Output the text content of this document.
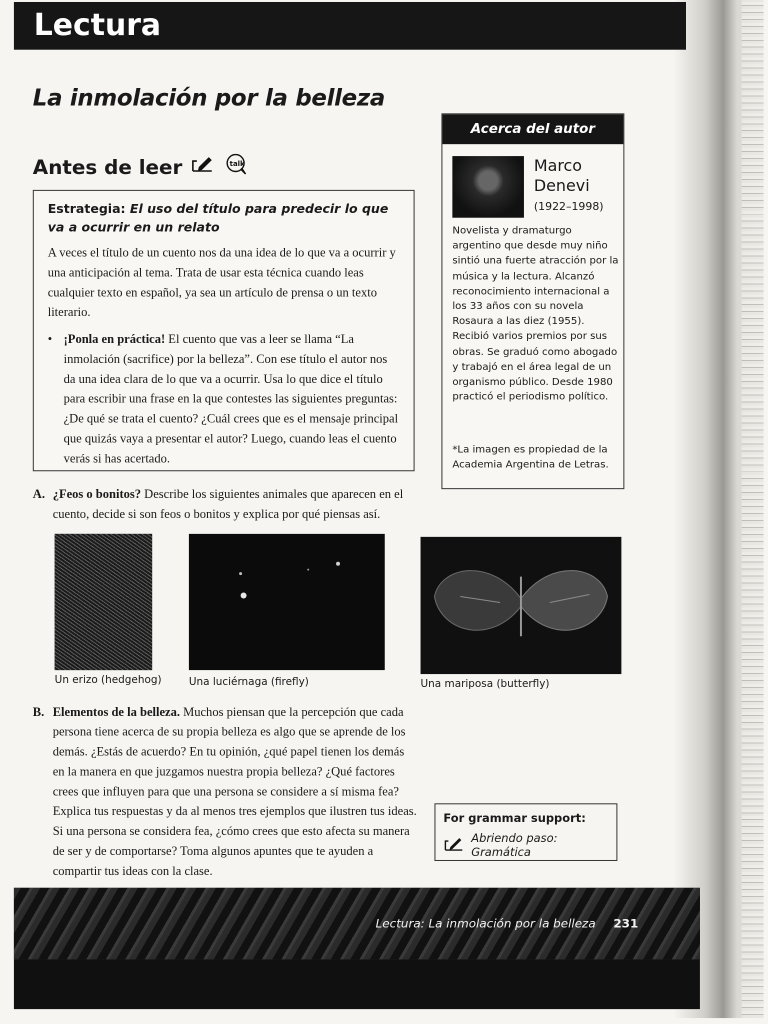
Lectura
La inmolación por la belleza
Antes de leer	talk
Estrategia: El uso del título para predecir lo que va a ocurrir en un relato

A veces el título de un cuento nos da una idea de lo que va a ocurrir y una anticipación al tema. Trata de usar esta técnica cuando leas cualquier texto en español, ya sea un artículo de prensa o un texto literario.

• ¡Ponla en práctica! El cuento que vas a leer se llama “La inmolación (sacrifice) por la belleza”. Con ese título el autor nos da una idea clara de lo que va a ocurrir. Usa lo que dice el título para escribir una frase en la que contestes las siguientes preguntas: ¿De qué se trata el cuento? ¿Cuál crees que es el mensaje principal que quizás vaya a presentar el autor? Luego, cuando leas el cuento verás si has acertado.
Acerca del autor
Marco
Denevi
(1922–1998)
Novelista y dramaturgo argentino que desde muy niño sintió una fuerte atracción por la música y la lectura. Alcanzó reconocimiento internacional a los 33 años con su novela Rosaura a las diez (1955). Recibió varios premios por sus obras. Se graduó como abogado y trabajó en el área legal de un organismo público. Desde 1980 practicó el periodismo político.
*La imagen es propiedad de la Academia Argentina de Letras.
A. ¿Feos o bonitos? Describe los siguientes animales que aparecen en el cuento, decide si son feos o bonitos y explica por qué piensas así.
Un erizo (hedgehog)	Una luciérnaga (firefly)	Una mariposa (butterfly)
B. Elementos de la belleza. Muchos piensan que la percepción que cada persona tiene acerca de su propia belleza es algo que se aprende de los demás. ¿Estás de acuerdo? En tu opinión, ¿qué papel tienen los demás en la manera en que juzgamos nuestra propia belleza? ¿Qué factores crees que influyen para que una persona se considere a sí misma fea? Explica tus respuestas y da al menos tres ejemplos que ilustren tus ideas. Si una persona se considera fea, ¿cómo crees que esto afecta su manera de ser y de comportarse? Toma algunos apuntes que te ayuden a compartir tus ideas con la clase.
For grammar support:
Abriendo paso: Gramática
Lectura: La inmolación por la belleza 231
